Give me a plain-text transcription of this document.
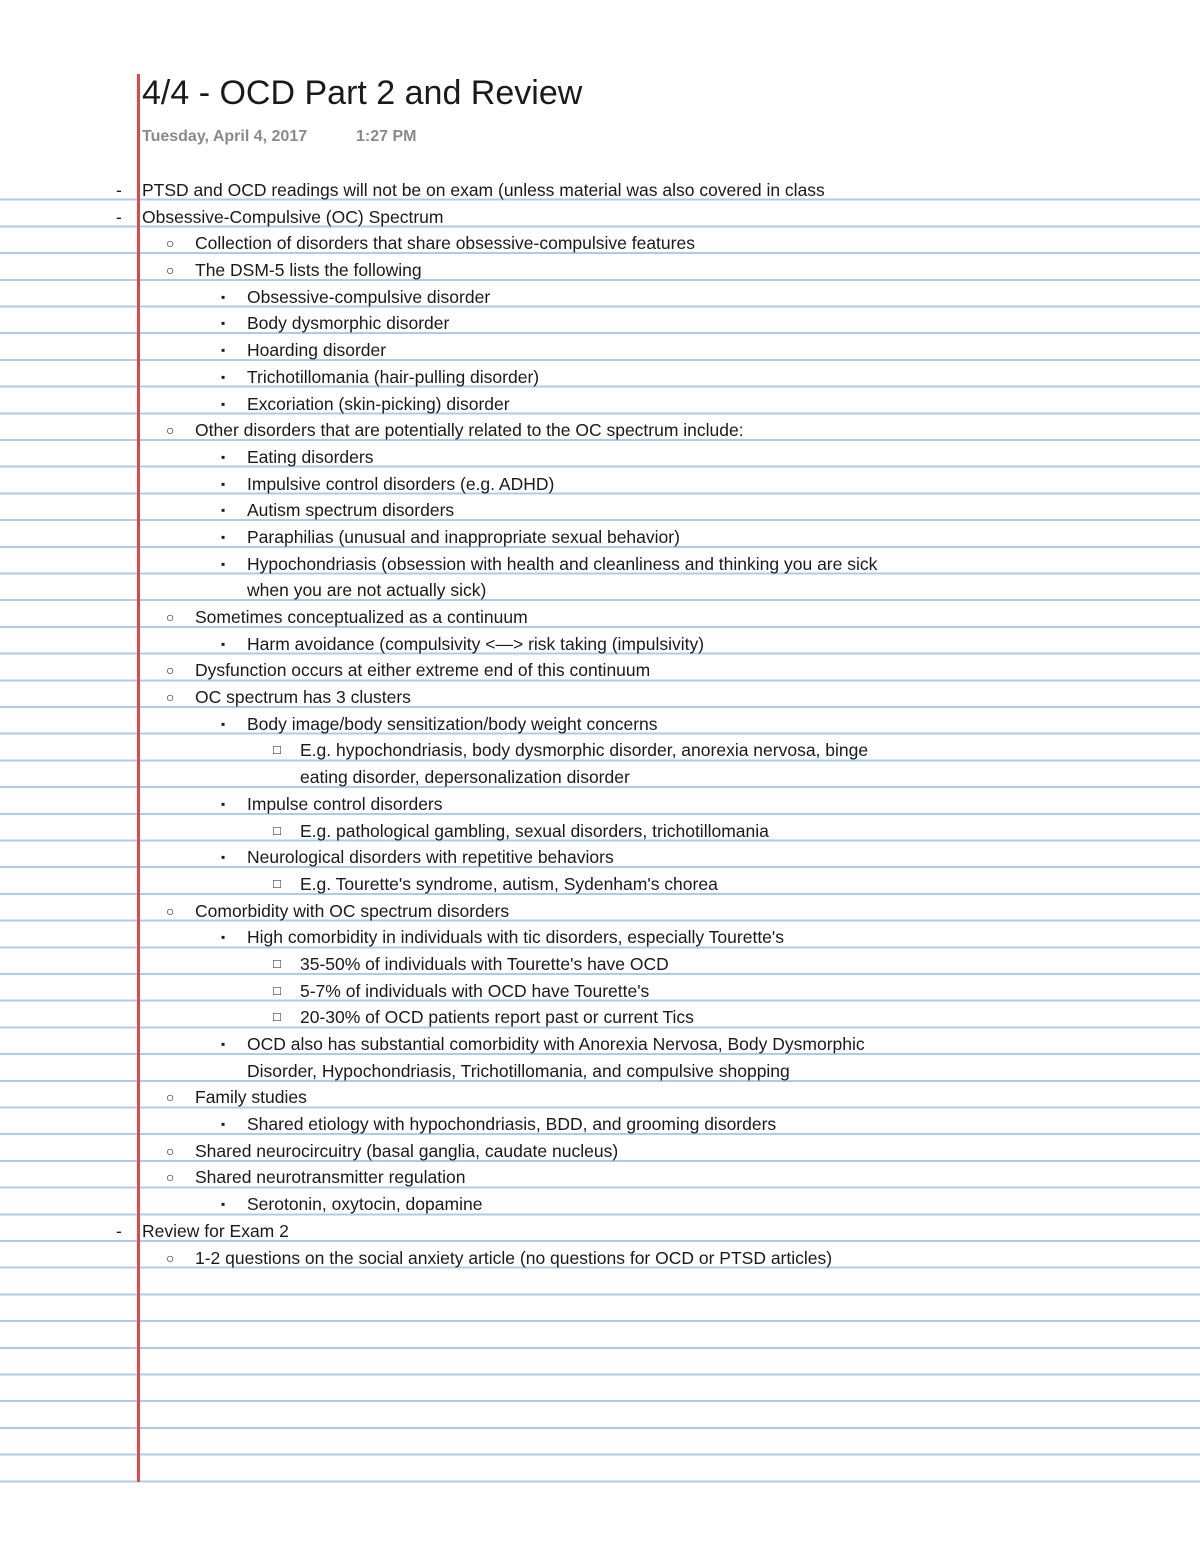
4/4 - OCD Part 2 and Review
Tuesday, April 4, 2017	1:27 PM
- PTSD and OCD readings will not be on exam (unless material was also covered in class
- Obsessive-Compulsive (OC) Spectrum
○ Collection of disorders that share obsessive-compulsive features
○ The DSM-5 lists the following
▪ Obsessive-compulsive disorder
▪ Body dysmorphic disorder
▪ Hoarding disorder
▪ Trichotillomania (hair-pulling disorder)
▪ Excoriation (skin-picking) disorder
○ Other disorders that are potentially related to the OC spectrum include:
▪ Eating disorders
▪ Impulsive control disorders (e.g. ADHD)
▪ Autism spectrum disorders
▪ Paraphilias (unusual and inappropriate sexual behavior)
▪ Hypochondriasis (obsession with health and cleanliness and thinking you are sick
when you are not actually sick)
○ Sometimes conceptualized as a continuum
▪ Harm avoidance (compulsivity <—> risk taking (impulsivity)
○ Dysfunction occurs at either extreme end of this continuum
○ OC spectrum has 3 clusters
▪ Body image/body sensitization/body weight concerns
□ E.g. hypochondriasis, body dysmorphic disorder, anorexia nervosa, binge
eating disorder, depersonalization disorder
▪ Impulse control disorders
□ E.g. pathological gambling, sexual disorders, trichotillomania
▪ Neurological disorders with repetitive behaviors
□ E.g. Tourette's syndrome, autism, Sydenham's chorea
○ Comorbidity with OC spectrum disorders
▪ High comorbidity in individuals with tic disorders, especially Tourette's
□ 35-50% of individuals with Tourette's have OCD
□ 5-7% of individuals with OCD have Tourette's
□ 20-30% of OCD patients report past or current Tics
▪ OCD also has substantial comorbidity with Anorexia Nervosa, Body Dysmorphic
Disorder, Hypochondriasis, Trichotillomania, and compulsive shopping
○ Family studies
▪ Shared etiology with hypochondriasis, BDD, and grooming disorders
○ Shared neurocircuitry (basal ganglia, caudate nucleus)
○ Shared neurotransmitter regulation
▪ Serotonin, oxytocin, dopamine
- Review for Exam 2
○ 1-2 questions on the social anxiety article (no questions for OCD or PTSD articles)
